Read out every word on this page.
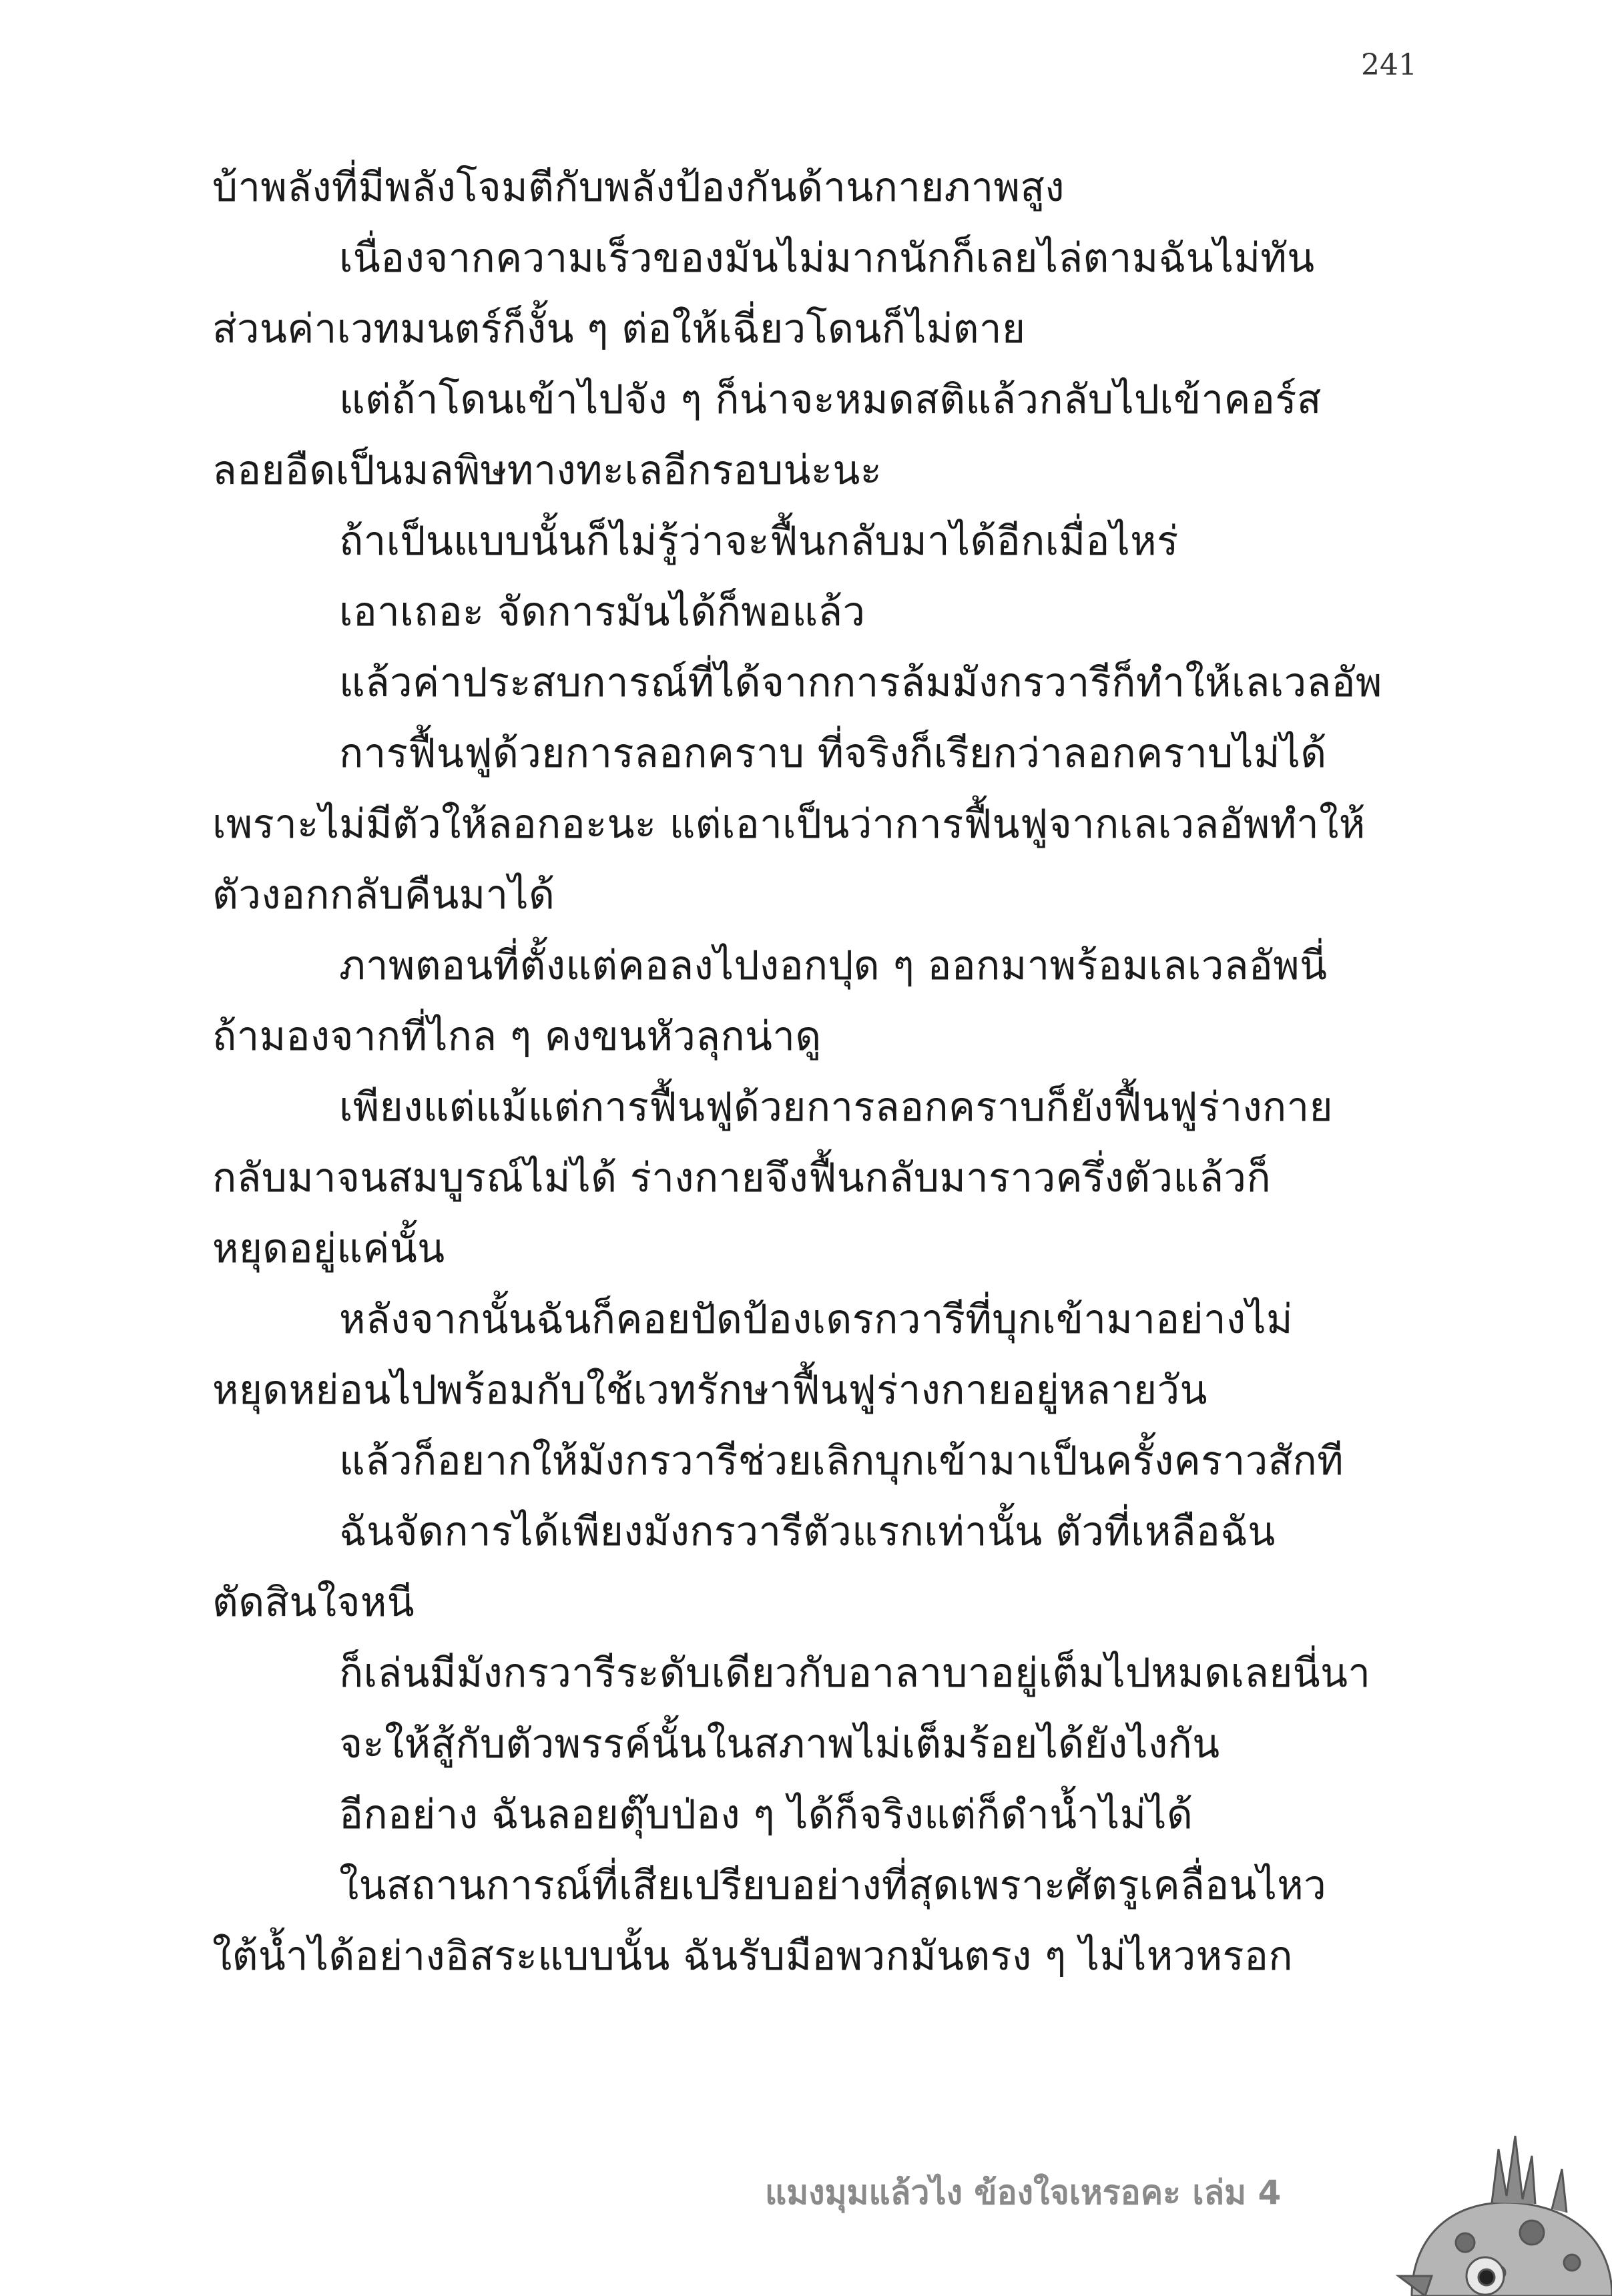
241
บ้าพลังที่มีพลังโจมตีกับพลังป้องกันด้านกายภาพสูง
เนื่องจากความเร็วของมันไม่มากนักก็เลยไล่ตามฉันไม่ทัน
ส่วนค่าเวทมนตร์ก็งั้น ๆ ต่อให้เฉี่ยวโดนก็ไม่ตาย
แต่ถ้าโดนเข้าไปจัง ๆ ก็น่าจะหมดสติแล้วกลับไปเข้าคอร์ส
ลอยอืดเป็นมลพิษทางทะเลอีกรอบน่ะนะ
ถ้าเป็นแบบนั้นก็ไม่รู้ว่าจะฟื้นกลับมาได้อีกเมื่อไหร่
เอาเถอะ จัดการมันได้ก็พอแล้ว
แล้วค่าประสบการณ์ที่ได้จากการล้มมังกรวารีก็ทำให้เลเวลอัพ
การฟื้นฟูด้วยการลอกคราบ ที่จริงก็เรียกว่าลอกคราบไม่ได้
เพราะไม่มีตัวให้ลอกอะนะ แต่เอาเป็นว่าการฟื้นฟูจากเลเวลอัพทำให้
ตัวงอกกลับคืนมาได้
ภาพตอนที่ตั้งแต่คอลงไปงอกปุด ๆ ออกมาพร้อมเลเวลอัพนี่
ถ้ามองจากที่ไกล ๆ คงขนหัวลุกน่าดู
เพียงแต่แม้แต่การฟื้นฟูด้วยการลอกคราบก็ยังฟื้นฟูร่างกาย
กลับมาจนสมบูรณ์ไม่ได้ ร่างกายจึงฟื้นกลับมาราวครึ่งตัวแล้วก็
หยุดอยู่แค่นั้น
หลังจากนั้นฉันก็คอยปัดป้องเดรกวารีที่บุกเข้ามาอย่างไม่
หยุดหย่อนไปพร้อมกับใช้เวทรักษาฟื้นฟูร่างกายอยู่หลายวัน
แล้วก็อยากให้มังกรวารีช่วยเลิกบุกเข้ามาเป็นครั้งคราวสักที
ฉันจัดการได้เพียงมังกรวารีตัวแรกเท่านั้น ตัวที่เหลือฉัน
ตัดสินใจหนี
ก็เล่นมีมังกรวารีระดับเดียวกับอาลาบาอยู่เต็มไปหมดเลยนี่นา
จะให้สู้กับตัวพรรค์นั้นในสภาพไม่เต็มร้อยได้ยังไงกัน
อีกอย่าง ฉันลอยตุ๊บป่อง ๆ ได้ก็จริงแต่ก็ดำน้ำไม่ได้
ในสถานการณ์ที่เสียเปรียบอย่างที่สุดเพราะศัตรูเคลื่อนไหว
ใต้น้ำได้อย่างอิสระแบบนั้น ฉันรับมือพวกมันตรง ๆ ไม่ไหวหรอก
แมงมุมแล้วไง ข้องใจเหรอคะ เล่ม 4
